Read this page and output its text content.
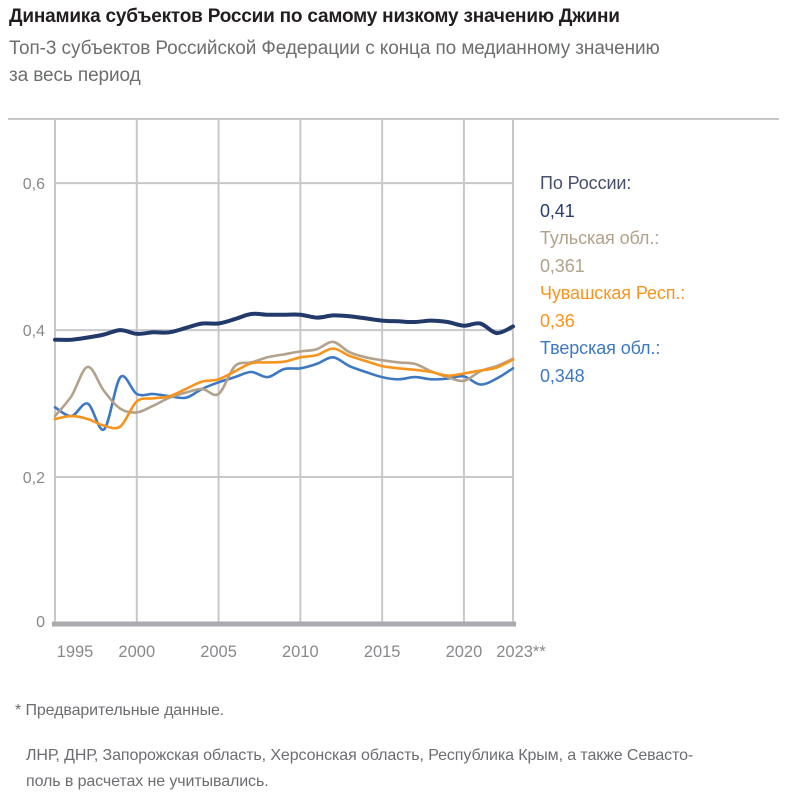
Динамика субъектов России по самому низкому значению Джини
Топ-3 субъектов Российской Федерации с конца по медианному значению
за весь период
0
0,2
0,4
0,6
1995 2000	2005	2010	2015	2020 2023**
По России:
0,41
Тульская обл.:
0,361
Чувашская Респ.:
0,36
Тверская обл.:
0,348
* Предварительные данные.
ЛНР, ДНР, Запорожская область, Херсонская область, Республика Крым, а также Севасто-
поль в расчетах не учитывались.
